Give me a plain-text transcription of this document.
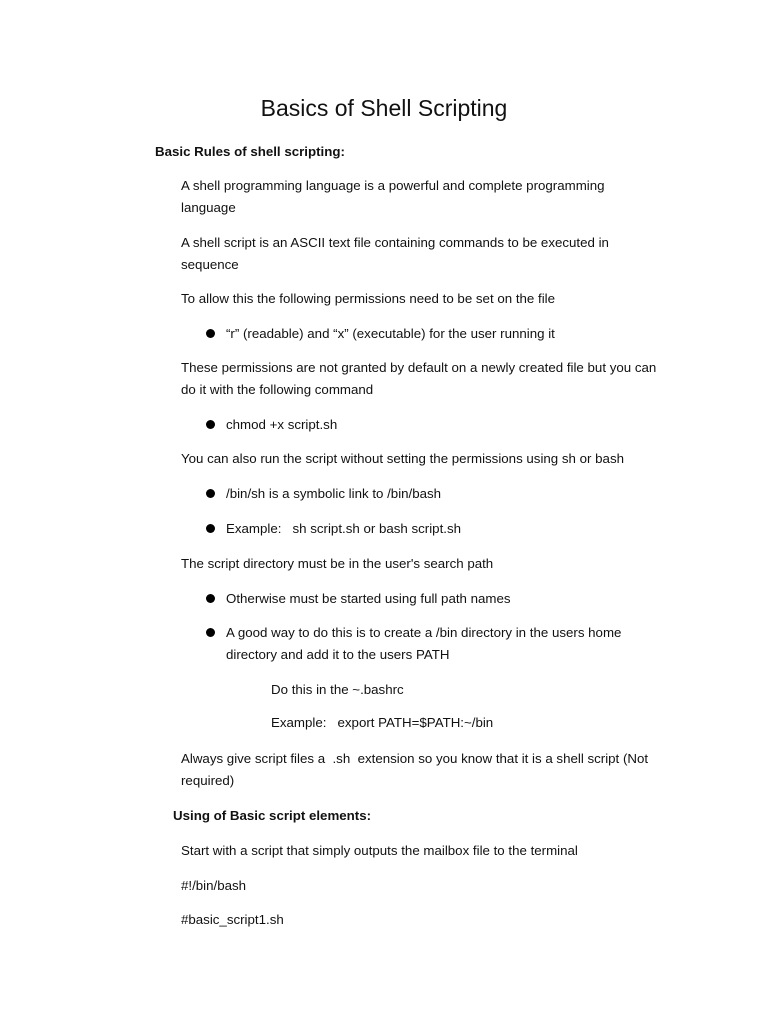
Basics of Shell Scripting
Basic Rules of shell scripting:
A shell programming language is a powerful and complete programming
language
A shell script is an ASCII text file containing commands to be executed in
sequence
To allow this the following permissions need to be set on the file
“r” (readable) and “x” (executable) for the user running it
These permissions are not granted by default on a newly created file but you can
do it with the following command
chmod +x script.sh
You can also run the script without setting the permissions using sh or bash
/bin/sh is a symbolic link to /bin/bash
Example:   sh script.sh or bash script.sh
The script directory must be in the user's search path
Otherwise must be started using full path names
A good way to do this is to create a /bin directory in the users home
directory and add it to the users PATH
Do this in the ~.bashrc
Example:   export PATH=$PATH:~/bin
Always give script files a  .sh  extension so you know that it is a shell script (Not
required)
Using of Basic script elements:
Start with a script that simply outputs the mailbox file to the terminal
#!/bin/bash
#basic_script1.sh
